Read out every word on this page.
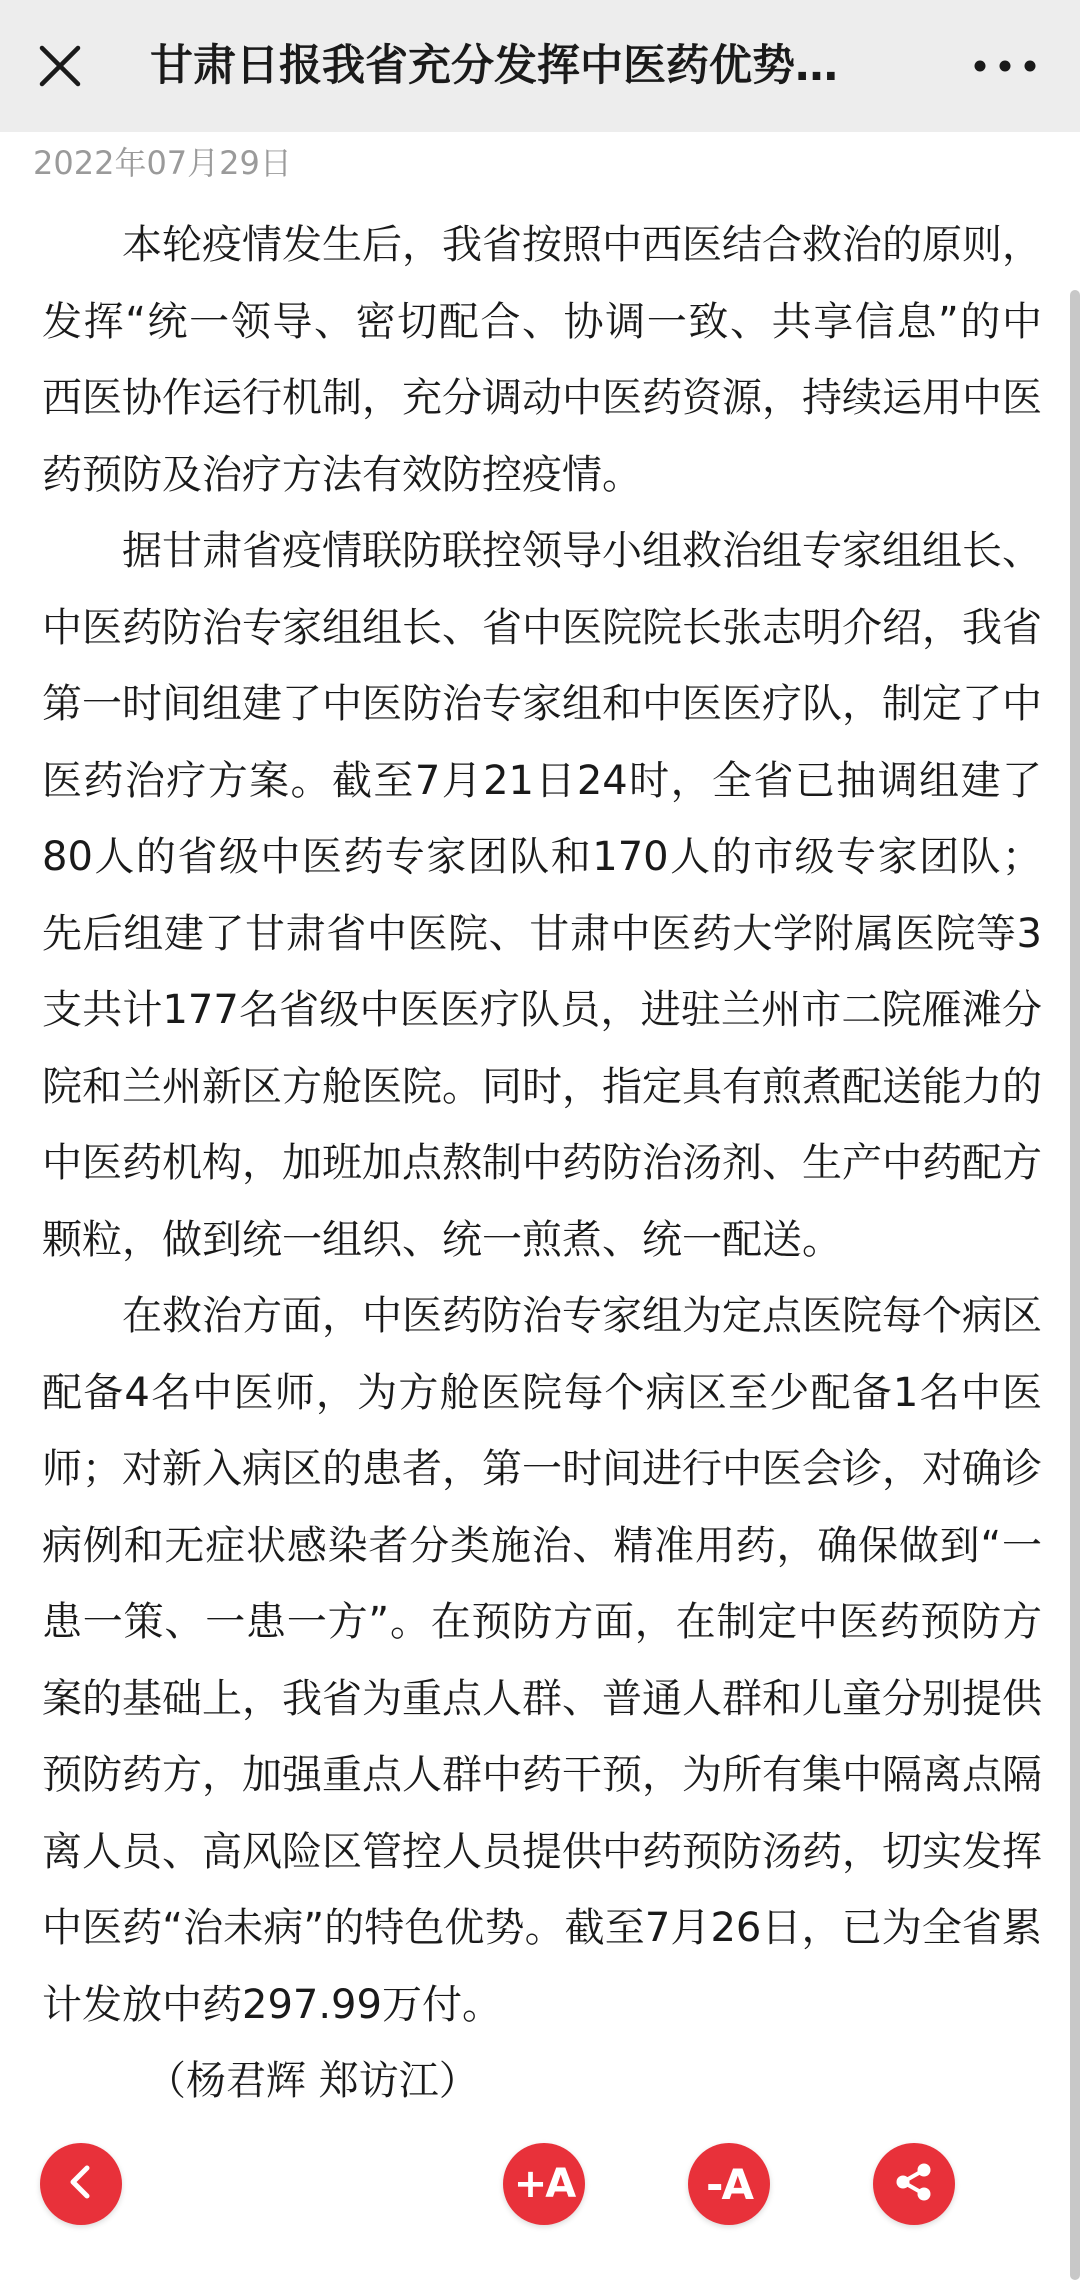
甘肃日报我省充分发挥中医药优势…
2022年07月29日

本轮疫情发生后，我省按照中西医结合救治的原则，发挥“统一领导、密切配合、协调一致、共享信息”的中西医协作运行机制，充分调动中医药资源，持续运用中医药预防及治疗方法有效防控疫情。

据甘肃省疫情联防联控领导小组救治组专家组组长、中医药防治专家组组长、省中医院院长张志明介绍，我省第一时间组建了中医防治专家组和中医医疗队，制定了中医药治疗方案。截至7月21日24时，全省已抽调组建了80人的省级中医药专家团队和170人的市级专家团队；先后组建了甘肃省中医院、甘肃中医药大学附属医院等3支共计177名省级中医医疗队员，进驻兰州市二院雁滩分院和兰州新区方舱医院。同时，指定具有煎煮配送能力的中医药机构，加班加点熬制中药防治汤剂、生产中药配方颗粒，做到统一组织、统一煎煮、统一配送。

在救治方面，中医药防治专家组为定点医院每个病区配备4名中医师，为方舱医院每个病区至少配备1名中医师；对新入病区的患者，第一时间进行中医会诊，对确诊病例和无症状感染者分类施治、精准用药，确保做到“一患一策、一患一方”。在预防方面，在制定中医药预防方案的基础上，我省为重点人群、普通人群和儿童分别提供预防药方，加强重点人群中药干预，为所有集中隔离点隔离人员、高风险区管控人员提供中药预防汤药，切实发挥中医药“治未病”的特色优势。截至7月26日，已为全省累计发放中药297.99万付。

（杨君辉 郑访江）

+A	-A
